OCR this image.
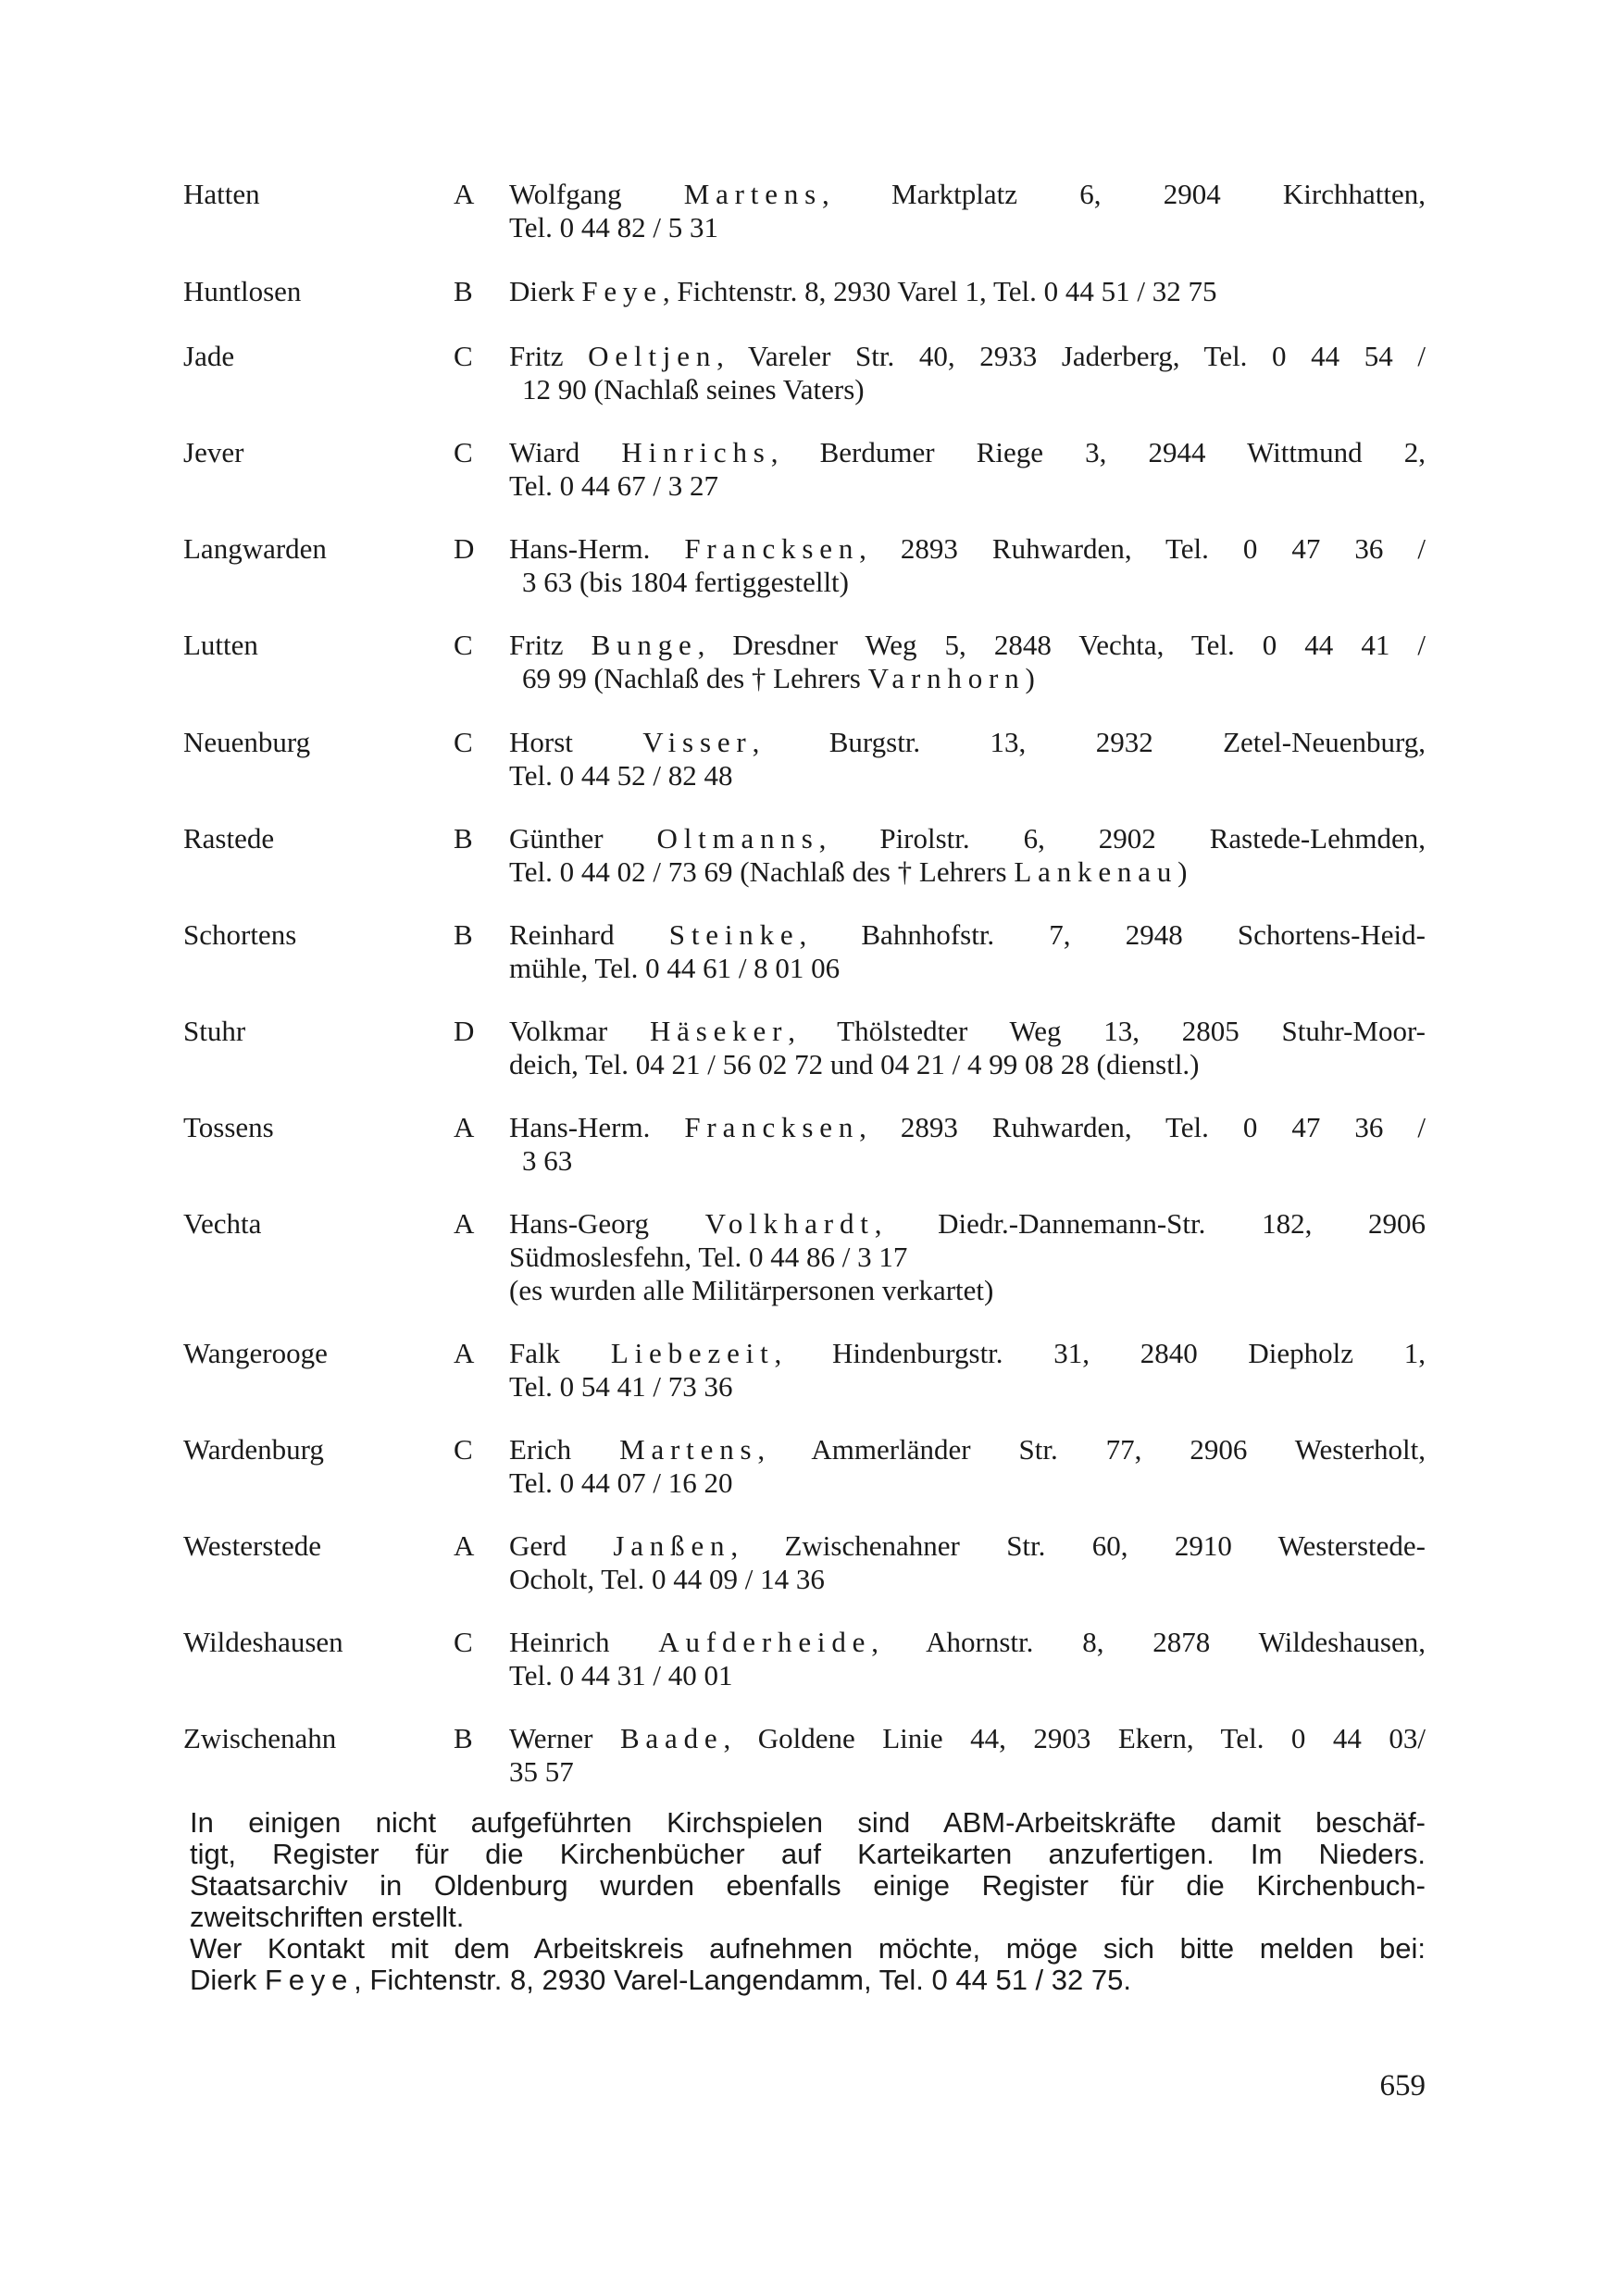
Hatten	A Wolfgang Martens, Marktplatz 6, 2904 Kirchhatten,
Tel. 0 44 82 / 5 31
Huntlosen	B	Dierk Feye, Fichtenstr. 8, 2930 Varel 1, Tel. 0 44 51 / 32 75
Jade	C	Fritz Oeltjen, Vareler Str. 40, 2933 Jaderberg, Tel. 0 44 54 /
12 90 (Nachlaß seines Vaters)
Jever	C	Wiard Hinrichs, Berdumer Riege 3, 2944 Wittmund 2,
Tel. 0 44 67 / 3 27
Langwarden	D Hans-Herm. Francksen, 2893 Ruhwarden, Tel. 0 47 36 /
3 63 (bis 1804 fertiggestellt)
Lutten	C	Fritz Bunge, Dresdner Weg 5, 2848 Vechta, Tel. 0 44 41 /
69 99 (Nachlaß des † Lehrers Varnhorn)
Neuenburg	C	Horst Visser, Burgstr. 13, 2932 Zetel-Neuenburg,
Tel. 0 44 52 / 82 48
Rastede	B	Günther Oltmanns, Pirolstr. 6, 2902 Rastede-Lehmden,
Tel. 0 44 02 / 73 69 (Nachlaß des † Lehrers Lankenau)
Schortens	B	Reinhard Steinke, Bahnhofstr. 7, 2948 Schortens-Heid-
mühle, Tel. 0 44 61 / 8 01 06
Stuhr	D Volkmar Häseker, Thölstedter Weg 13, 2805 Stuhr-Moor-
deich, Tel. 04 21 / 56 02 72 und 04 21 / 4 99 08 28 (dienstl.)
Tossens	A Hans-Herm. Francksen, 2893 Ruhwarden, Tel. 0 47 36 /
3 63
Vechta	A Hans-Georg Volkhardt, Diedr.-Dannemann-Str. 182, 2906
Südmoslesfehn, Tel. 0 44 86 / 3 17
(es wurden alle Militärpersonen verkartet)
Wangerooge	A Falk Liebezeit, Hindenburgstr. 31, 2840 Diepholz 1,
Tel. 0 54 41 / 73 36
Wardenburg	C	Erich Martens, Ammerländer Str. 77, 2906 Westerholt,
Tel. 0 44 07 / 16 20
Westerstede	A Gerd Janßen, Zwischenahner Str. 60, 2910 Westerstede-
Ocholt, Tel. 0 44 09 / 14 36
Wildeshausen	C	Heinrich Aufderheide, Ahornstr. 8, 2878 Wildeshausen,
Tel. 0 44 31 / 40 01
Zwischenahn	B	Werner Baade, Goldene Linie 44, 2903 Ekern, Tel. 0 44 03/
35 57
In einigen nicht aufgeführten Kirchspielen sind ABM-Arbeitskräfte damit beschäf-
tigt, Register für die Kirchenbücher auf Karteikarten anzufertigen. Im Nieders.
Staatsarchiv in Oldenburg wurden ebenfalls einige Register für die Kirchenbuch-
zweitschriften erstellt.
Wer Kontakt mit dem Arbeitskreis aufnehmen möchte, möge sich bitte melden bei:
Dierk Feye, Fichtenstr. 8, 2930 Varel-Langendamm, Tel. 0 44 51 / 32 75.
659
